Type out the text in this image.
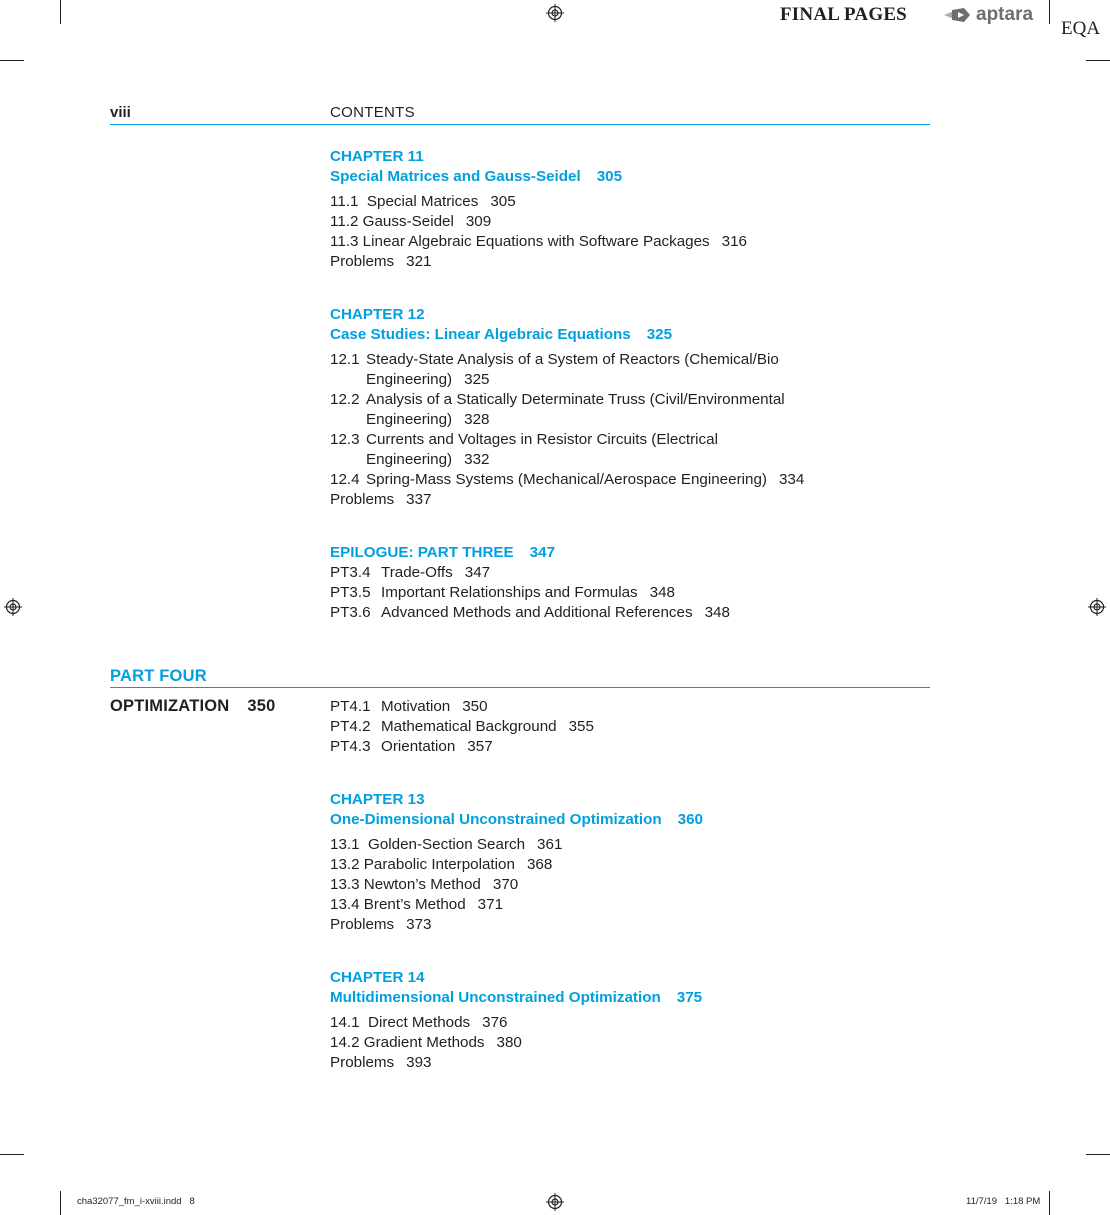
FINAL PAGES	aptara
EQA
viii	CONTENTS
CHAPTER 11
Special Matrices and Gauss-Seidel 305
11.1 Special Matrices 305
11.2 Gauss-Seidel 309
11.3 Linear Algebraic Equations with Software Packages 316
Problems 321
CHAPTER 12
Case Studies: Linear Algebraic Equations 325
12.1 Steady-State Analysis of a System of Reactors (Chemical/Bio Engineering) 325
12.2 Analysis of a Statically Determinate Truss (Civil/Environmental Engineering) 328
12.3 Currents and Voltages in Resistor Circuits (Electrical Engineering) 332
12.4 Spring-Mass Systems (Mechanical/Aerospace Engineering) 334
Problems 337
EPILOGUE: PART THREE 347
PT3.4 Trade-Offs 347
PT3.5 Important Relationships and Formulas 348
PT3.6 Advanced Methods and Additional References 348
PART FOUR
OPTIMIZATION 350	PT4.1 Motivation 350
PT4.2 Mathematical Background 355
PT4.3 Orientation 357
CHAPTER 13
One-Dimensional Unconstrained Optimization 360
13.1 Golden-Section Search 361
13.2 Parabolic Interpolation 368
13.3 Newton’s Method 370
13.4 Brent’s Method 371
Problems 373
CHAPTER 14
Multidimensional Unconstrained Optimization 375
14.1 Direct Methods 376
14.2 Gradient Methods 380
Problems 393
cha32077_fm_i-xviii.indd   8	11/7/19   1:18 PM
